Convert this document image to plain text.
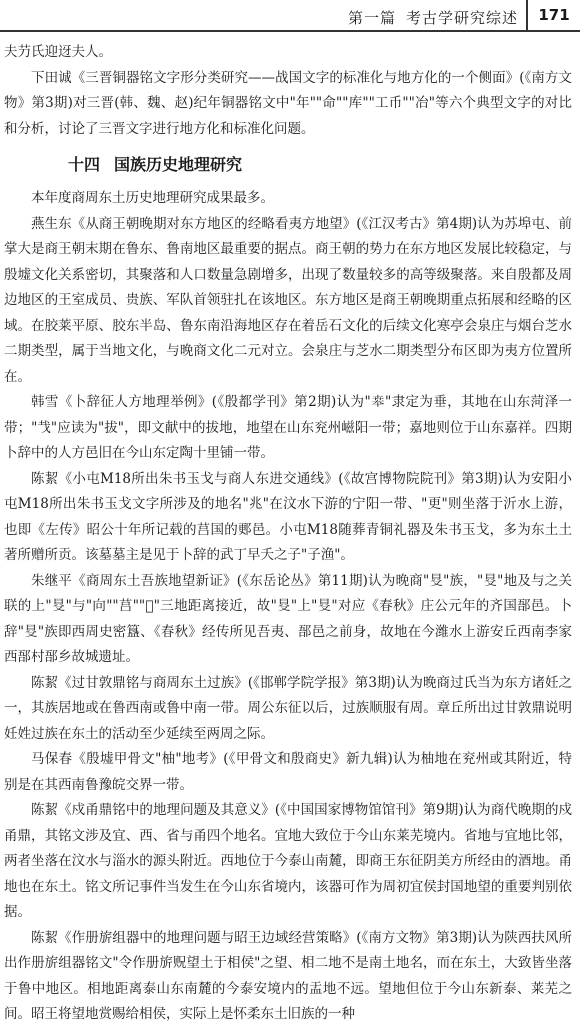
第一篇 考古学研究综述 171

夫芀氏迎迓夫人。

下田诚《三晋铜器铭文字形分类研究——战国文字的标准化与地方化的一个侧面》(《南方文物》第3期)对三晋(韩、魏、赵)纪年铜器铭文中"年""命""库""工币""冶"等六个典型文字的对比和分析，讨论了三晋文字进行地方化和标准化问题。

十四 国族历史地理研究

本年度商周东土历史地理研究成果最多。

燕生东《从商王朝晚期对东方地区的经略看夷方地望》(《江汉考古》第4期)认为苏埠屯、前掌大是商王朝末期在鲁东、鲁南地区最重要的据点。商王朝的势力在东方地区发展比较稳定，与殷墟文化关系密切，其聚落和人口数量急剧增多，出现了数量较多的高等级聚落。来自殷都及周边地区的王室成员、贵族、军队首领驻扎在该地区。东方地区是商王朝晚期重点拓展和经略的区域。在胶莱平原、胶东半岛、鲁东南沿海地区存在着岳石文化的后续文化寒亭会泉庄与烟台芝水二期类型，属于当地文化，与晚商文化二元对立。会泉庄与芝水二期类型分布区即为夷方位置所在。

韩雪《卜辞征人方地理举例》(《殷都学刊》第2期)认为"𠦪"隶定为垂，其地在山东菏泽一带；"𢦏"应读为"拔"，即文献中的拔地，地望在山东兖州嵫阳一带；嘉地则位于山东嘉祥。四期卜辞中的人方邑旧在今山东定陶十里铺一带。

陈絜《小屯M18所出朱书玉戈与商人东进交通线》(《故宫博物院院刊》第3期)认为安阳小屯M18所出朱书玉戈文字所涉及的地名"兆"在汶水下游的宁阳一带、"更"则坐落于沂水上游，也即《左传》昭公十年所记载的莒国的郠邑。小屯M18随葬青铜礼器及朱书玉戈，多为东土土著所赠所贡。该墓墓主是见于卜辞的武丁早夭之子"子渔"。

朱继平《商周东土吾族地望新证》(《东岳论丛》第11期)认为晚商"𠭁"族，"𠭁"地及与之关联的上"𠭁"与"向""莒""𫨩"三地距离接近，故"𠭁"上"𠭁"对应《春秋》庄公元年的齐国郚邑。卜辞"𠭁"族即西周史密簋、《春秋》经传所见吾夷、郚邑之前身，故地在今潍水上游安丘西南李家西郚村郚乡故城遗址。

陈絜《过甘敦鼎铭与商周东土过族》(《邯郸学院学报》第3期)认为晚商过氏当为东方诸妊之一，其族居地或在鲁西南或鲁中南一带。周公东征以后，过族顺服有周。章丘所出过甘敦鼎说明妊姓过族在东土的活动至少延续至两周之际。

马保春《殷墟甲骨文"柚"地考》(《甲骨文和殷商史》新九辑)认为柚地在兖州或其附近，特别是在其西南鲁豫皖交界一带。

陈絜《戍甬鼎铭中的地理问题及其意义》(《中国国家博物馆馆刊》第9期)认为商代晚期的戍甬鼎，其铭文涉及宜、西、省与甬四个地名。宜地大致位于今山东莱芜境内。省地与宜地比邻，两者坐落在汶水与淄水的源头附近。西地位于今泰山南麓，即商王东征阴美方所经由的酒地。甬地也在东土。铭文所记事件当发生在今山东省境内，该器可作为周初宜侯封国地望的重要判别依据。

陈絜《作册旂组器中的地理问题与昭王边域经营策略》(《南方文物》第3期)认为陕西扶风所出作册旂组器铭文"令作册旂贶望土于相侯"之望、相二地不是南土地名，而在东土，大致皆坐落于鲁中地区。相地距离泰山东南麓的今泰安境内的盂地不远。望地但位于今山东新泰、莱芜之间。昭王将望地赏赐给相侯，实际上是怀柔东土旧族的一种
